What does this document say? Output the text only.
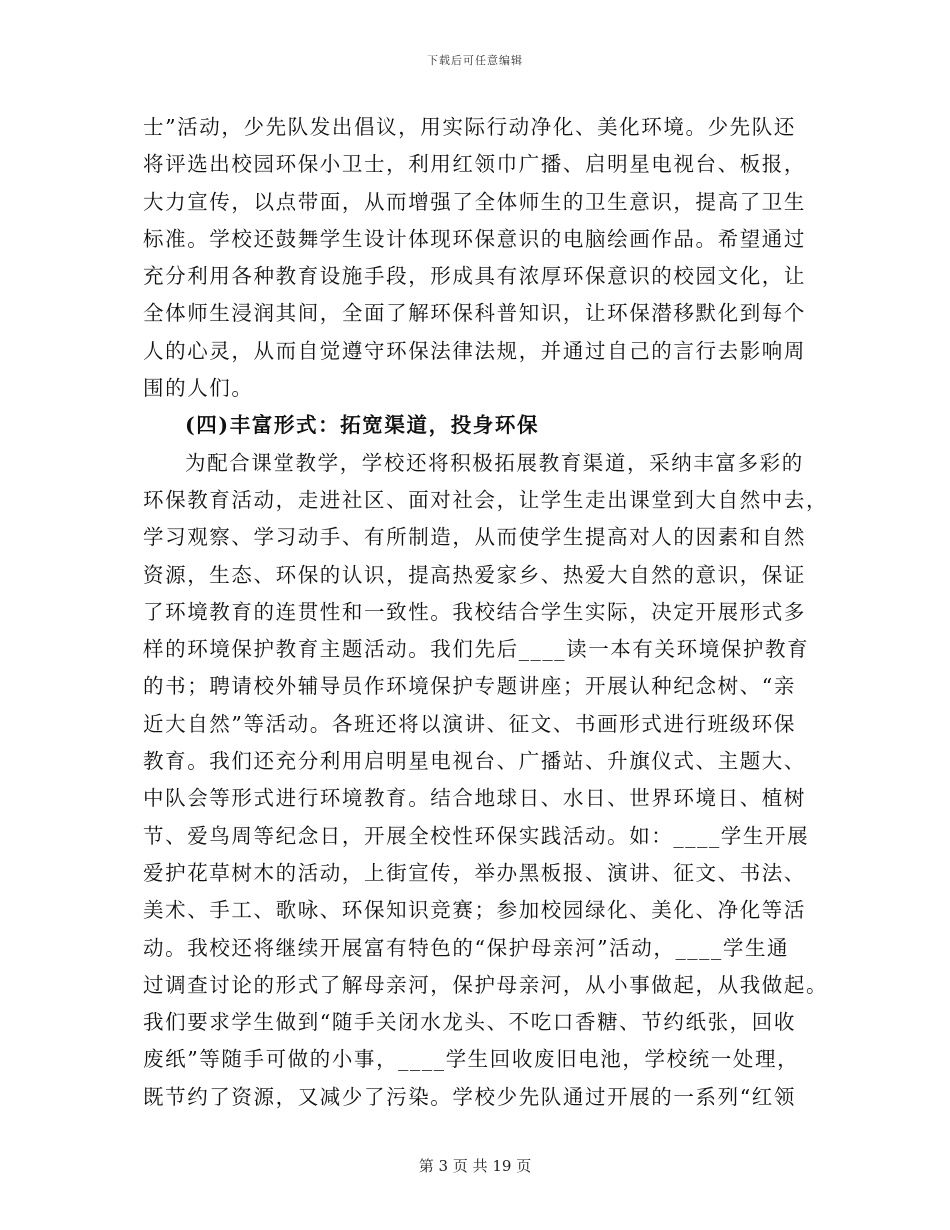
下载后可任意编辑
士”活动，少先队发出倡议，用实际行动净化、美化环境。少先队还
将评选出校园环保小卫士，利用红领巾广播、启明星电视台、板报，
大力宣传，以点带面，从而增强了全体师生的卫生意识，提高了卫生
标准。学校还鼓舞学生设计体现环保意识的电脑绘画作品。希望通过
充分利用各种教育设施手段，形成具有浓厚环保意识的校园文化，让
全体师生浸润其间，全面了解环保科普知识，让环保潜移默化到每个
人的心灵，从而自觉遵守环保法律法规，并通过自己的言行去影响周
围的人们。
(四)丰富形式：拓宽渠道，投身环保
为配合课堂教学，学校还将积极拓展教育渠道，采纳丰富多彩的
环保教育活动，走进社区、面对社会，让学生走出课堂到大自然中去，
学习观察、学习动手、有所制造，从而使学生提高对人的因素和自然
资源，生态、环保的认识，提高热爱家乡、热爱大自然的意识，保证
了环境教育的连贯性和一致性。我校结合学生实际，决定开展形式多
样的环境保护教育主题活动。我们先后____读一本有关环境保护教育
的书；聘请校外辅导员作环境保护专题讲座；开展认种纪念树、“亲
近大自然”等活动。各班还将以演讲、征文、书画形式进行班级环保
教育。我们还充分利用启明星电视台、广播站、升旗仪式、主题大、
中队会等形式进行环境教育。结合地球日、水日、世界环境日、植树
节、爱鸟周等纪念日，开展全校性环保实践活动。如：____学生开展
爱护花草树木的活动，上街宣传，举办黑板报、演讲、征文、书法、
美术、手工、歌咏、环保知识竞赛；参加校园绿化、美化、净化等活
动。我校还将继续开展富有特色的“保护母亲河”活动，____学生通
过调查讨论的形式了解母亲河，保护母亲河，从小事做起，从我做起。
我们要求学生做到“随手关闭水龙头、不吃口香糖、节约纸张，回收
废纸”等随手可做的小事，____学生回收废旧电池，学校统一处理，
既节约了资源，又减少了污染。学校少先队通过开展的一系列“红领
第 3 页 共 19 页
